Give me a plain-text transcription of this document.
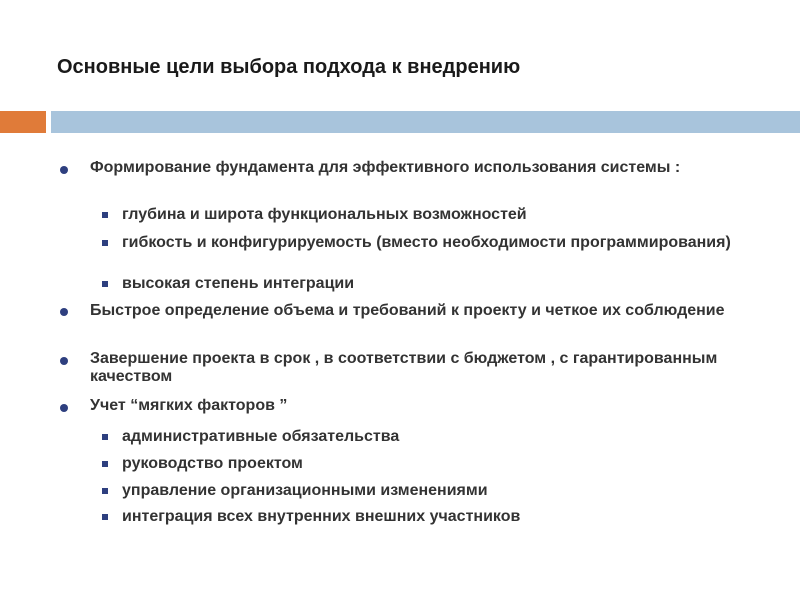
Основные цели выбора подхода к внедрению
Формирование фундамента для эффективного использования системы :
глубина и широта функциональных возможностей
гибкость и конфигурируемость (вместо необходимости программирования)
высокая степень интеграции
Быстрое определение объема и требований к проекту и четкое их соблюдение
Завершение проекта в срок , в соответствии с бюджетом , с гарантированным качеством
Учет “мягких факторов ”
административные обязательства
руководство проектом
управление организационными изменениями
интеграция всех внутренних внешних участников
